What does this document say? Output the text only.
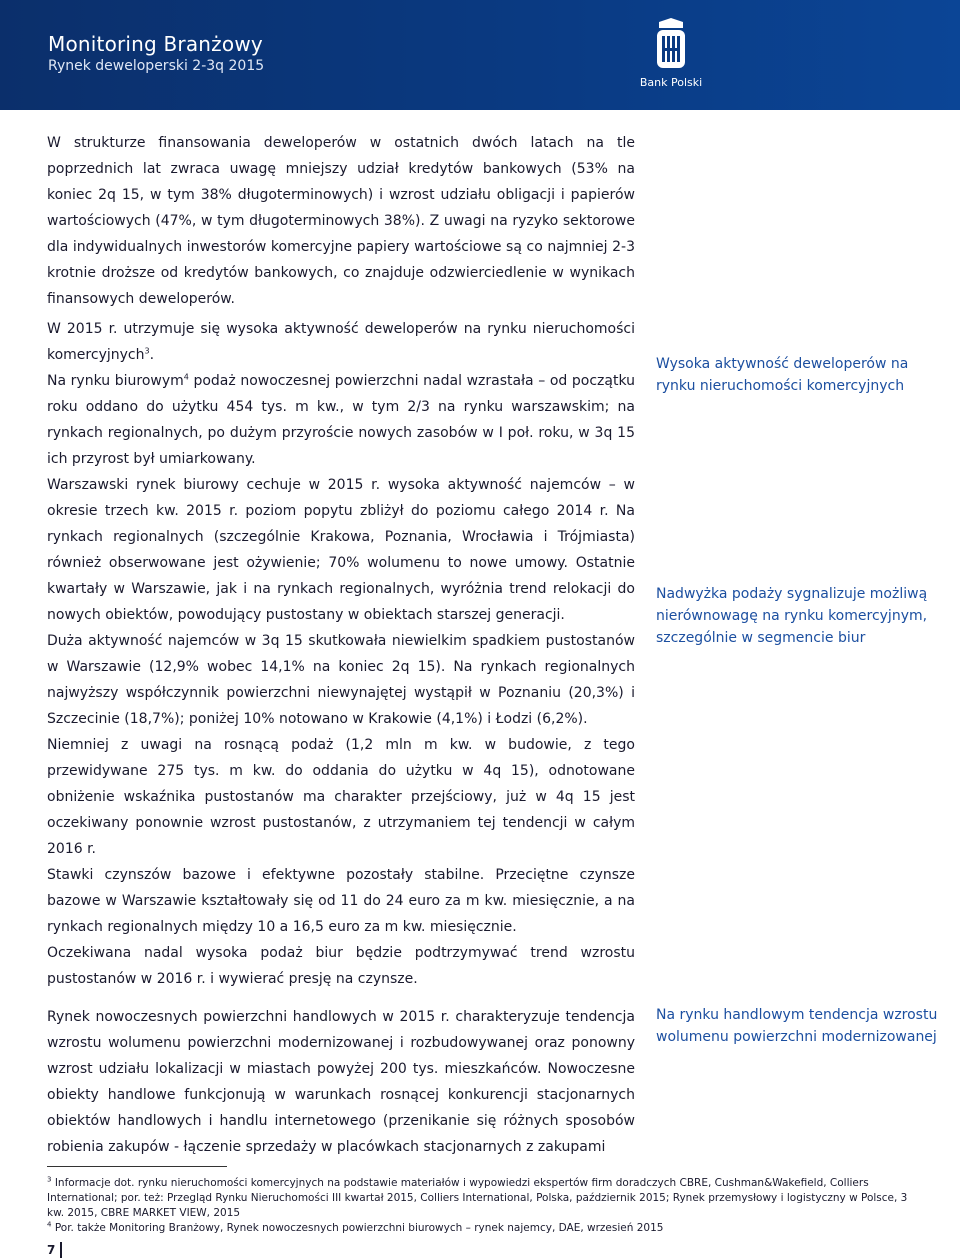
Monitoring Branżowy
Rynek deweloperski 2-3q 2015
Bank Polski

W strukturze finansowania deweloperów w ostatnich dwóch latach na tle poprzednich lat zwraca uwagę mniejszy udział kredytów bankowych (53% na koniec 2q 15, w tym 38% długoterminowych) i wzrost udziału obligacji i papierów wartościowych (47%, w tym długoterminowych 38%). Z uwagi na ryzyko sektorowe dla indywidualnych inwestorów komercyjne papiery wartościowe są co najmniej 2-3 krotnie droższe od kredytów bankowych, co znajduje odzwierciedlenie w wynikach finansowych deweloperów.

W 2015 r. utrzymuje się wysoka aktywność deweloperów na rynku nieruchomości komercyjnych$^3$.

Na rynku biurowym$^4$ podaż nowoczesnej powierzchni nadal wzrastała – od początku roku oddano do użytku 454 tys. m kw., w tym 2/3 na rynku warszawskim; na rynkach regionalnych, po dużym przyroście nowych zasobów w I poł. roku, w 3q 15 ich przyrost był umiarkowany.

Warszawski rynek biurowy cechuje w 2015 r. wysoka aktywność najemców – w okresie trzech kw. 2015 r. poziom popytu zbliżył do poziomu całego 2014 r. Na rynkach regionalnych (szczególnie Krakowa, Poznania, Wrocławia i Trójmiasta) również obserwowane jest ożywienie; 70% wolumenu to nowe umowy. Ostatnie kwartały w Warszawie, jak i na rynkach regionalnych, wyróżnia trend relokacji do nowych obiektów, powodujący pustostany w obiektach starszej generacji.

Duża aktywność najemców w 3q 15 skutkowała niewielkim spadkiem pustostanów w Warszawie (12,9% wobec 14,1% na koniec 2q 15). Na rynkach regionalnych najwyższy współczynnik powierzchni niewynajętej wystąpił w Poznaniu (20,3%) i Szczecinie (18,7%); poniżej 10% notowano w Krakowie (4,1%) i Łodzi (6,2%).

Niemniej z uwagi na rosnącą podaż (1,2 mln m kw. w budowie, z tego przewidywane 275 tys. m kw. do oddania do użytku w 4q 15), odnotowane obniżenie wskaźnika pustostanów ma charakter przejściowy, już w 4q 15 jest oczekiwany ponownie wzrost pustostanów, z utrzymaniem tej tendencji w całym 2016 r.

Stawki czynszów bazowe i efektywne pozostały stabilne. Przeciętne czynsze bazowe w Warszawie kształtowały się od 11 do 24 euro za m kw. miesięcznie, a na rynkach regionalnych między 10 a 16,5 euro za m kw. miesięcznie.

Oczekiwana nadal wysoka podaż biur będzie podtrzymywać trend wzrostu pustostanów w 2016 r. i wywierać presję na czynsze.

Rynek nowoczesnych powierzchni handlowych w 2015 r. charakteryzuje tendencja wzrostu wolumenu powierzchni modernizowanej i rozbudowywanej oraz ponowny wzrost udziału lokalizacji w miastach powyżej 200 tys. mieszkańców. Nowoczesne obiekty handlowe funkcjonują w warunkach rosnącej konkurencji stacjonarnych obiektów handlowych i handlu internetowego (przenikanie się różnych sposobów robienia zakupów - łączenie sprzedaży w placówkach stacjonarnych z zakupami

Wysoka aktywność deweloperów na rynku nieruchomości komercyjnych
Nadwyżka podaży sygnalizuje możliwą nierównowagę na rynku komercyjnym, szczególnie w segmencie biur
Na rynku handlowym tendencja wzrostu wolumenu powierzchni modernizowanej

$^3$ Informacje dot. rynku nieruchomości komercyjnych na podstawie materiałów i wypowiedzi ekspertów firm doradczych CBRE, Cushman&Wakefield, Colliers International; por. też: Przegląd Rynku Nieruchomości III kwartał 2015, Colliers International, Polska, październik 2015; Rynek przemysłowy i logistyczny w Polsce, 3 kw. 2015, CBRE MARKET VIEW, 2015

$^4$ Por. także Monitoring Branżowy, Rynek nowoczesnych powierzchni biurowych – rynek najemcy, DAE, wrzesień 2015

7
